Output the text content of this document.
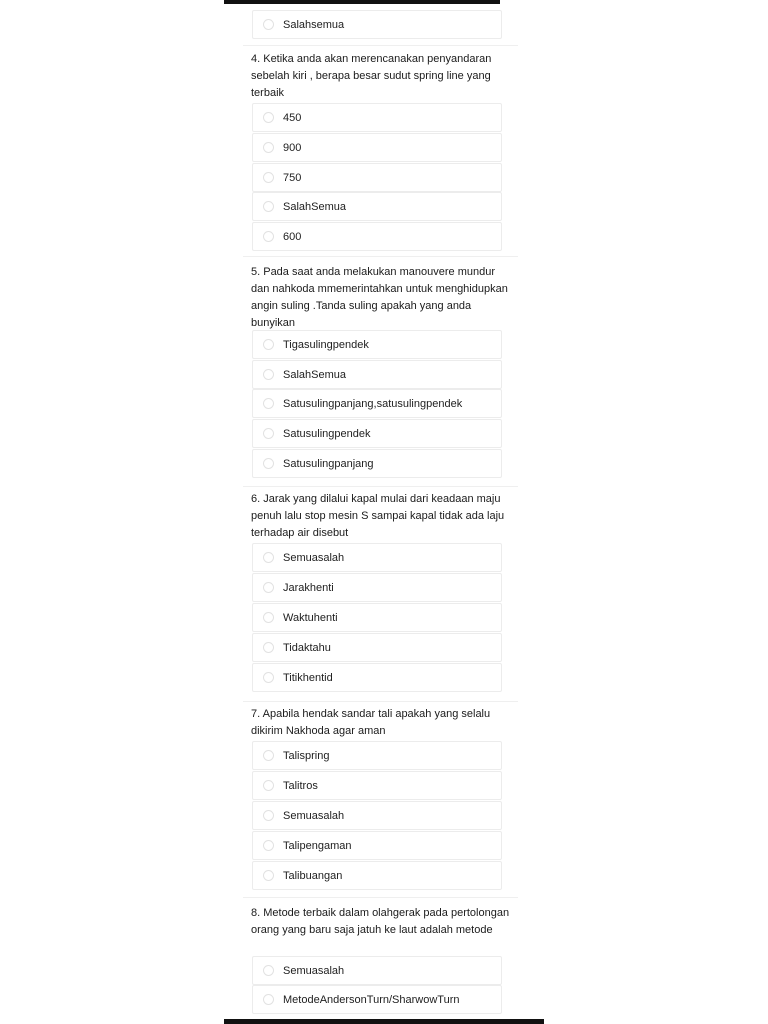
Salahsemua
4. Ketika anda akan merencanakan penyandaran sebelah kiri , berapa besar sudut spring line yang terbaik
450
900
750
SalahSemua
600
5. Pada saat anda melakukan manouvere mundur dan nahkoda mmemerintahkan untuk menghidupkan angin suling .Tanda suling apakah yang anda bunyikan
Tigasulingpendek
SalahSemua
Satusulingpanjang,satusulingpendek
Satusulingpendek
Satusulingpanjang
6. Jarak yang dilalui kapal mulai dari keadaan maju penuh lalu stop mesin S sampai kapal tidak ada laju terhadap air disebut
Semuasalah
Jarakhenti
Waktuhenti
Tidaktahu
Titikhentid
7. Apabila hendak sandar tali apakah yang selalu dikirim Nakhoda agar aman
Talispring
Talitros
Semuasalah
Talipengaman
Talibuangan
8. Metode terbaik dalam olahgerak pada pertolongan orang yang baru saja jatuh ke laut adalah metode
Semuasalah
MetodeAndersonTurn/SharwowTurn
